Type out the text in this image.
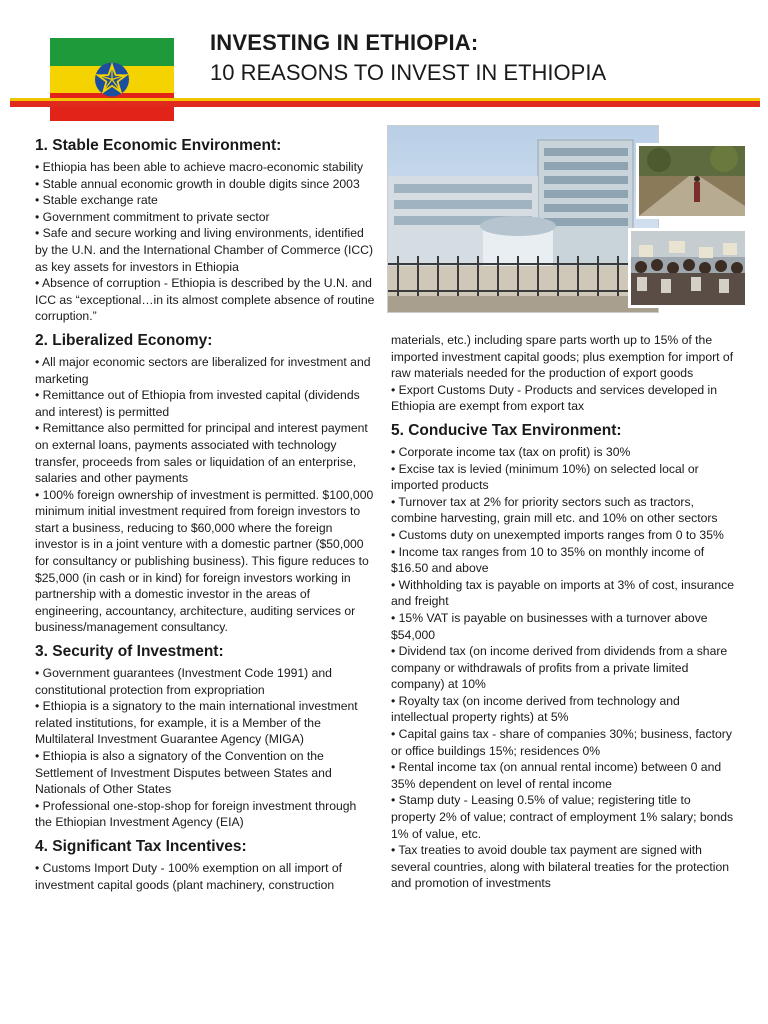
INVESTING IN ETHIOPIA:
10 REASONS TO INVEST IN ETHIOPIA
1. Stable Economic Environment:
• Ethiopia has been able to achieve macro-economic stability
• Stable annual economic growth in double digits since 2003
• Stable exchange rate
• Government commitment to private sector
• Safe and secure working and living environments, identified by the U.N. and the International Chamber of Commerce (ICC) as key assets for investors in Ethiopia
• Absence of corruption - Ethiopia is described by the U.N. and ICC as “exceptional…in its almost complete absence of routine corruption.”
2. Liberalized Economy:
• All major economic sectors are liberalized for investment and marketing
• Remittance out of Ethiopia from invested capital (dividends and interest) is permitted
• Remittance also permitted for principal and interest payment on external loans, payments associated with technology transfer, proceeds from sales or liquidation of an enterprise, salaries and other payments
• 100% foreign ownership of investment is permitted. $100,000 minimum initial investment required from foreign investors to start a business, reducing to $60,000 where the foreign investor is in a joint venture with a domestic partner ($50,000 for consultancy or publishing business). This figure reduces to $25,000 (in cash or in kind) for foreign investors working in partnership with a domestic investor in the areas of engineering, accountancy, architecture, auditing services or business/management consultancy.
3. Security of Investment:
• Government guarantees (Investment Code 1991) and constitutional protection from expropriation
• Ethiopia is a signatory to the main international investment related institutions, for example, it is a Member of the Multilateral Investment Guarantee Agency (MIGA)
• Ethiopia is also a signatory of the Convention on the Settlement of Investment Disputes between States and Nationals of Other States
• Professional one-stop-shop for foreign investment through the Ethiopian Investment Agency (EIA)
4. Significant Tax Incentives:
• Customs Import Duty - 100% exemption on all import of investment capital goods (plant machinery, construction

materials, etc.) including spare parts worth up to 15% of the imported investment capital goods; plus exemption for import of raw materials needed for the production of export goods

• Export Customs Duty - Products and services developed in Ethiopia are exempt from export tax
5. Conducive Tax Environment:
• Corporate income tax (tax on profit) is 30%
• Excise tax is levied (minimum 10%) on selected local or imported products
• Turnover tax at 2% for priority sectors such as tractors, combine harvesting, grain mill etc. and 10% on other sectors
• Customs duty on unexempted imports ranges from 0 to 35%
• Income tax ranges from 10 to 35% on monthly income of $16.50 and above
• Withholding tax is payable on imports at 3% of cost, insurance and freight
• 15% VAT is payable on businesses with a turnover above $54,000
• Dividend tax (on income derived from dividends from a share company or withdrawals of profits from a private limited company) at 10%
• Royalty tax (on income derived from technology and intellectual property rights) at 5%
• Capital gains tax - share of companies 30%; business, factory or office buildings 15%; residences 0%
• Rental income tax (on annual rental income) between 0 and 35% dependent on level of rental income
• Stamp duty - Leasing 0.5% of value; registering title to property 2% of value; contract of employment 1% salary; bonds 1% of value, etc.
• Tax treaties to avoid double tax payment are signed with several countries, along with bilateral treaties for the protection and promotion of investments
